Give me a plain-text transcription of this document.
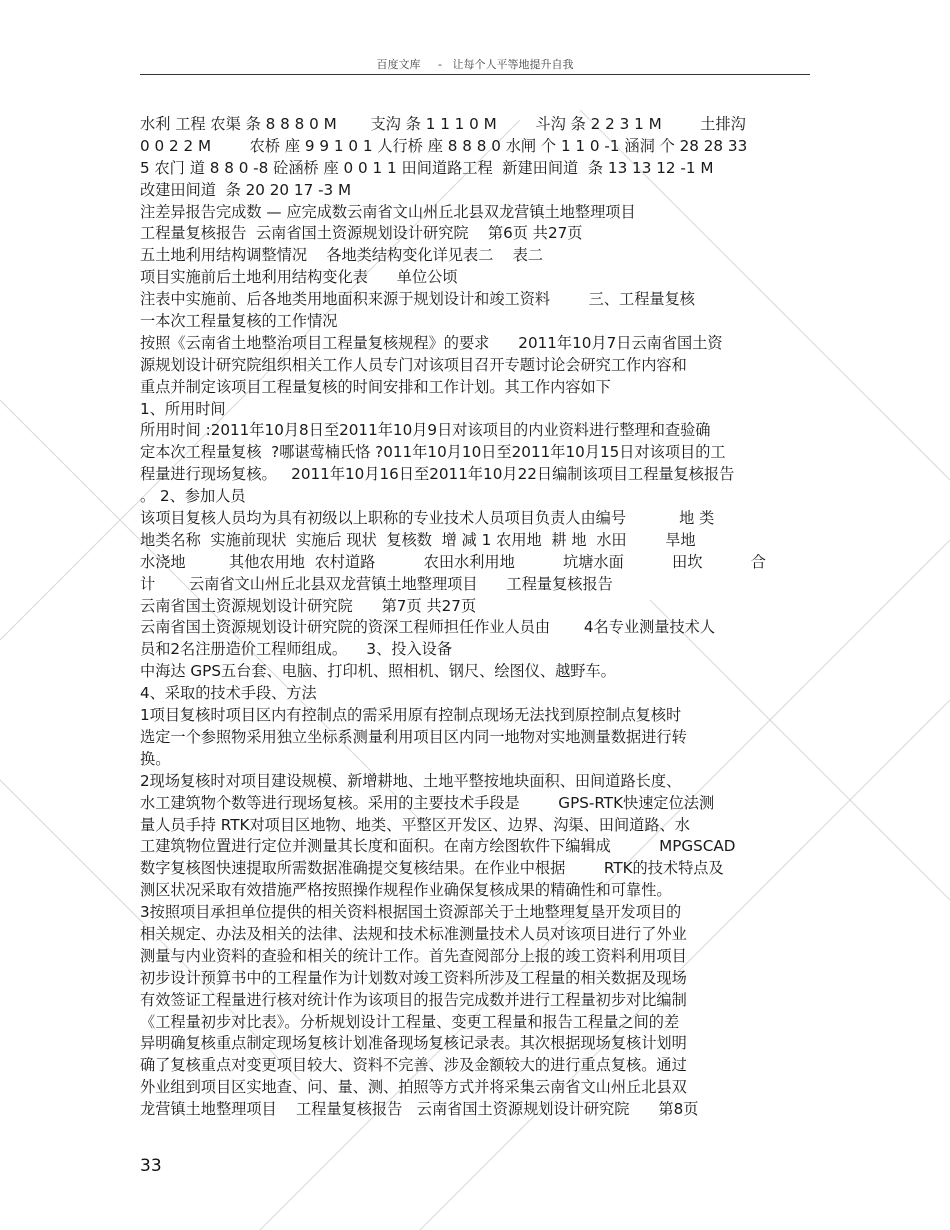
百度文库 - 让每个人平等地提升自我
水利 工程 农渠 条 8 8 8 0 M       支沟 条 1 1 1 0 M        斗沟 条 2 2 3 1 M        土排沟
0 0 2 2 M        农桥 座 9 9 1 0 1 人行桥 座 8 8 8 0 水闸 个 1 1 0 -1 涵洞 个 28 28 33
5 农门 道 8 8 0 -8 砼涵桥 座 0 0 1 1 田间道路工程  新建田间道  条 13 13 12 -1 M
改建田间道  条 20 20 17 -3 M
注差异报告完成数 — 应完成数云南省文山州丘北县双龙营镇土地整理项目
工程量复核报告  云南省国土资源规划设计研究院    第6页 共27页
五土地利用结构调整情况    各地类结构变化详见表二    表二
项目实施前后土地利用结构变化表      单位公顷
注表中实施前、后各地类用地面积来源于规划设计和竣工资料        三、工程量复核
一本次工程量复核的工作情况
按照《云南省土地整治项目工程量复核规程》的要求      2011年10月7日云南省国土资
源规划设计研究院组织相关工作人员专门对该项目召开专题讨论会研究工作内容和
重点并制定该项目工程量复核的时间安排和工作计划。其工作内容如下
1、所用时间
所用时间 :2011年10月8日至2011年10月9日对该项目的内业资料进行整理和查验确
定本次工程量复核  ?哪谌莺楠氏恪 ?011年10月10日至2011年10月15日对该项目的工
程量进行现场复核。   2011年10月16日至2011年10月22日编制该项目工程量复核报告
。 2、参加人员
该项目复核人员均为具有初级以上职称的专业技术人员项目负责人由编号           地 类
地类名称  实施前现状  实施后 现状  复核数  增 减 1 农用地  耕 地  水田        旱地
水浇地         其他农用地  农村道路          农田水利用地          坑塘水面          田坎          合
计       云南省文山州丘北县双龙营镇土地整理项目      工程量复核报告
云南省国土资源规划设计研究院      第7页 共27页
云南省国土资源规划设计研究院的资深工程师担任作业人员由       4名专业测量技术人
员和2名注册造价工程师组成。    3、投入设备
中海达 GPS五台套、电脑、打印机、照相机、钢尺、绘图仪、越野车。
4、采取的技术手段、方法
1项目复核时项目区内有控制点的需采用原有控制点现场无法找到原控制点复核时
选定一个参照物采用独立坐标系测量利用项目区内同一地物对实地测量数据进行转
换。
2现场复核时对项目建设规模、新增耕地、土地平整按地块面积、田间道路长度、
水工建筑物个数等进行现场复核。采用的主要技术手段是        GPS-RTK快速定位法测
量人员手持 RTK对项目区地物、地类、平整区开发区、边界、沟渠、田间道路、水
工建筑物位置进行定位并测量其长度和面积。在南方绘图软件下编辑成          MPGSCAD
数字复核图快速提取所需数据准确提交复核结果。在作业中根据        RTK的技术特点及
测区状况采取有效措施严格按照操作规程作业确保复核成果的精确性和可靠性。
3按照项目承担单位提供的相关资料根据国土资源部关于土地整理复垦开发项目的
相关规定、办法及相关的法律、法规和技术标准测量技术人员对该项目进行了外业
测量与内业资料的查验和相关的统计工作。首先查阅部分上报的竣工资料利用项目
初步设计预算书中的工程量作为计划数对竣工资料所涉及工程量的相关数据及现场
有效签证工程量进行核对统计作为该项目的报告完成数并进行工程量初步对比编制
《工程量初步对比表》。分析规划设计工程量、变更工程量和报告工程量之间的差
异明确复核重点制定现场复核计划准备现场复核记录表。其次根据现场复核计划明
确了复核重点对变更项目较大、资料不完善、涉及金额较大的进行重点复核。通过
外业组到项目区实地查、问、量、测、拍照等方式并将采集云南省文山州丘北县双
龙营镇土地整理项目    工程量复核报告   云南省国土资源规划设计研究院      第8页
33
